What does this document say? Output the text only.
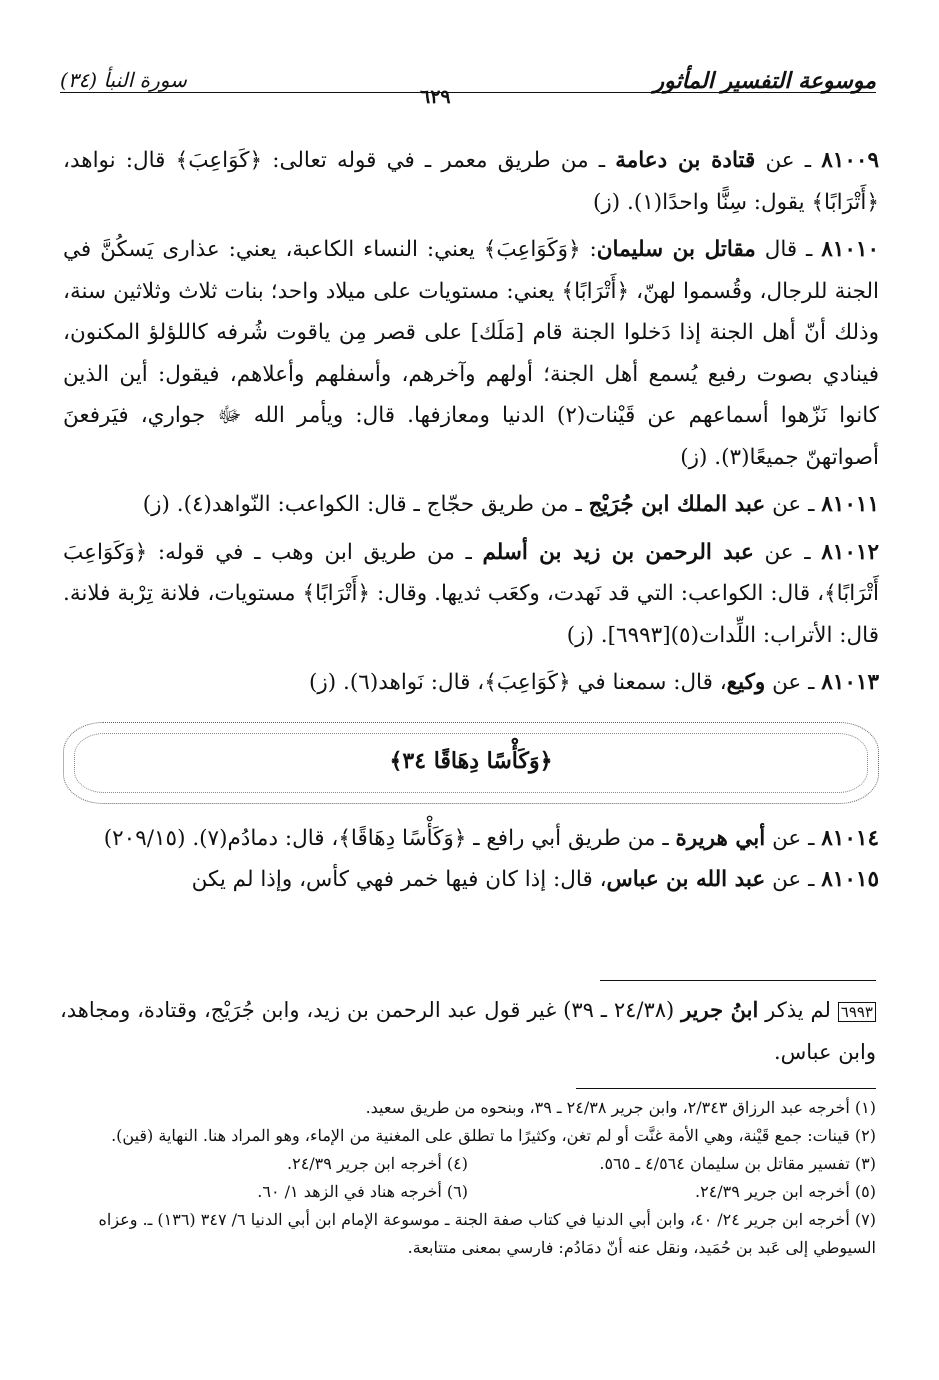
موسوعة التفسير المأثور
سورة النبأ (٣٤)
٦٢٩

٨١٠٠٩ ـ عن قتادة بن دعامة ـ من طريق معمر ـ في قوله تعالى: ﴿كَوَاعِبَ﴾ قال: نواهد، ﴿أَتْرَابًا﴾ يقول: سِنًّا واحدًا(١). (ز)

٨١٠١٠ ـ قال مقاتل بن سليمان: ﴿وَكَوَاعِبَ﴾ يعني: النساء الكاعبة، يعني: عذارى يَسكُنَّ في الجنة للرجال، وقُسموا لهنّ، ﴿أَتْرَابًا﴾ يعني: مستويات على ميلاد واحد؛ بنات ثلاث وثلاثين سنة، وذلك أنّ أهل الجنة إذا دَخلوا الجنة قام [مَلَك] على قصر مِن ياقوت شُرفه كاللؤلؤ المكنون، فينادي بصوت رفيع يُسمع أهل الجنة؛ أولهم وآخرهم، وأسفلهم وأعلاهم، فيقول: أين الذين كانوا نَزّهوا أسماعهم عن قَيْنات(٢) الدنيا ومعازفها. قال: ويأمر الله ﷻ جواري، فيَرفعنَ أصواتهنّ جميعًا(٣). (ز)

٨١٠١١ ـ عن عبد الملك ابن جُرَيْج ـ من طريق حجّاج ـ قال: الكواعب: النّواهد(٤). (ز)

٨١٠١٢ ـ عن عبد الرحمن بن زيد بن أسلم ـ من طريق ابن وهب ـ في قوله: ﴿وَكَوَاعِبَ أَتْرَابًا﴾، قال: الكواعب: التي قد نَهدت، وكعَب ثديها. وقال: ﴿أَتْرَابًا﴾ مستويات، فلانة تِرْبة فلانة. قال: الأتراب: اللِّدات(٥)[٦٩٩٣]. (ز)

٨١٠١٣ ـ عن وكيع، قال: سمعنا في ﴿كَوَاعِبَ﴾، قال: نَواهد(٦). (ز)

﴿وَكَأْسًا دِهَاقًا ٣٤﴾

٨١٠١٤ ـ عن أبي هريرة ـ من طريق أبي رافع ـ ﴿وَكَأْسًا دِهَاقًا﴾، قال: دمادُم(٧). (٢٠٩/١٥)

٨١٠١٥ ـ عن عبد الله بن عباس، قال: إذا كان فيها خمر فهي كأس، وإذا لم يكن

٦٩٩٣ لم يذكر ابنُ جرير (٢٤/٣٨ ـ ٣٩) غير قول عبد الرحمن بن زيد، وابن جُرَيْج، وقتادة، ومجاهد، وابن عباس.
(١) أخرجه عبد الرزاق ٢/٣٤٣، وابن جرير ٢٤/٣٨ ـ ٣٩، وبنحوه من طريق سعيد.
(٢) قينات: جمع قَيْنة، وهي الأمة غنَّت أو لم تغن، وكثيرًا ما تطلق على المغنية من الإماء، وهو المراد هنا. النهاية (قين).
(٣) تفسير مقاتل بن سليمان ٤/٥٦٤ ـ ٥٦٥.
(٤) أخرجه ابن جرير ٢٤/٣٩.
(٥) أخرجه ابن جرير ٢٤/٣٩.
(٦) أخرجه هناد في الزهد ١/ ٦٠.
(٧) أخرجه ابن جرير ٢٤/ ٤٠، وابن أبي الدنيا في كتاب صفة الجنة ـ موسوعة الإمام ابن أبي الدنيا ٦/ ٣٤٧ (١٣٦) ـ. وعزاه السيوطي إلى عَبد بن حُمَيد، ونقل عنه أنّ دمَادُم: فارسي بمعنى متتابعة.
